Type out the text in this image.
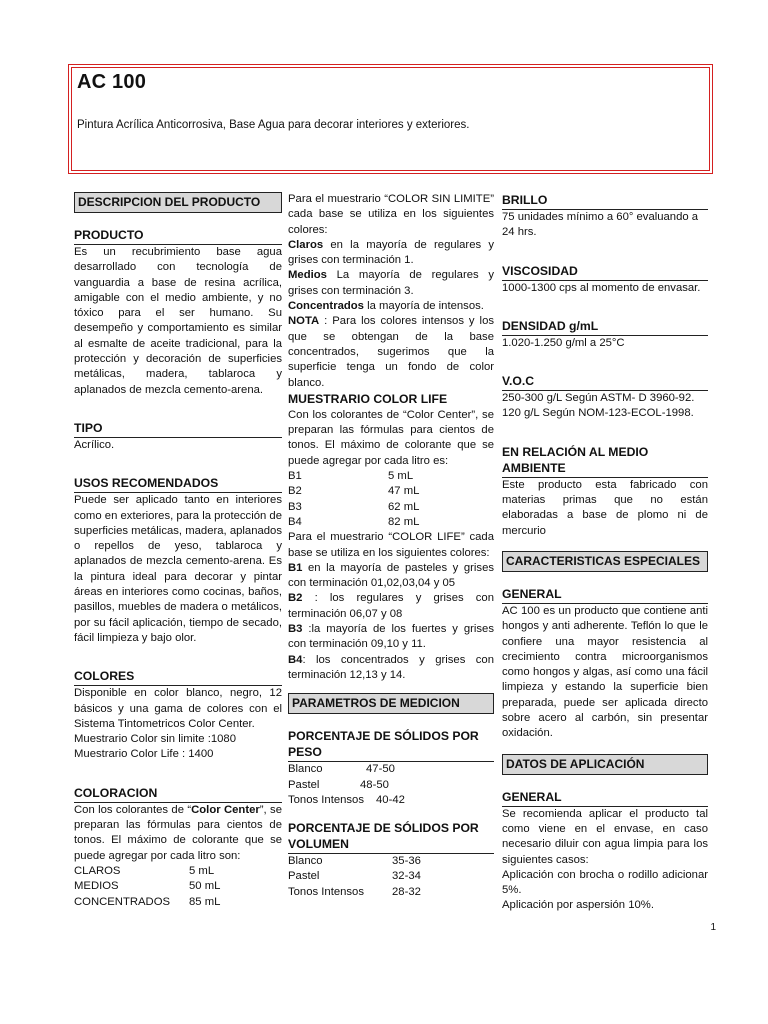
AC 100

Pintura Acrílica Anticorrosiva, Base Agua para decorar interiores y exteriores.

DESCRIPCION DEL PRODUCTO
PRODUCTO

Es un recubrimiento base agua desarrollado con tecnología de vanguardia a base de resina acrílica, amigable con el medio ambiente, y no tóxico para el ser humano. Su desempeño y comportamiento es similar al esmalte de aceite tradicional, para la protección y decoración de superficies metálicas, madera, tablaroca y aplanados de mezcla cemento-arena.

TIPO

Acrílico.

USOS RECOMENDADOS

Puede ser aplicado tanto en interiores como en exteriores, para la protección de superficies metálicas, madera, aplanados o repellos de yeso, tablaroca y aplanados de mezcla cemento-arena. Es la pintura ideal para decorar y pintar áreas en interiores como cocinas, baños, pasillos, muebles de madera o metálicos, por su fácil aplicación, tiempo de secado, fácil limpieza y bajo olor.

COLORES

Disponible en color blanco, negro, 12 básicos y una gama de colores con el Sistema Tintometricos Color Center.

Muestrario Color sin limite :1080

Muestrario Color Life : 1400

COLORACION

Con los colorantes de “Color Center”, se preparan las fórmulas para cientos de tonos. El máximo de colorante que se puede agregar por cada litro son:

CLAROS	5 mL
MEDIOS	50 mL
CONCENTRADOS	85 mL

Para el muestrario “COLOR SIN LIMITE” cada base se utiliza en los siguientes colores:

Claros en la mayoría de regulares y grises con terminación 1.

Medios La mayoría de regulares y grises con terminación 3.

Concentrados la mayoría de intensos.

NOTA : Para los colores intensos y los que se obtengan de la base concentrados, sugerimos que la superficie tenga un fondo de color blanco.

MUESTRARIO COLOR LIFE

Con los colorantes de “Color Center”, se preparan las fórmulas para cientos de tonos. El máximo de colorante que se puede agregar por cada litro es:

B1	5 mL
B2	47 mL
B3	62 mL
B4	82 mL

Para el muestrario “COLOR LIFE” cada base se utiliza en los siguientes colores:

B1 en la mayoría de pasteles y grises con terminación 01,02,03,04 y 05

B2 : los regulares y grises con terminación 06,07 y 08

B3 :la mayoría de los fuertes y grises con terminación 09,10 y 11.

B4: los concentrados y grises con terminación 12,13 y 14.

PARAMETROS DE MEDICION
PORCENTAJE DE SÓLIDOS POR PESO
Blanco	47-50
Pastel	48-50
Tonos Intensos	40-42
PORCENTAJE DE SÓLIDOS POR VOLUMEN
Blanco	35-36
Pastel	32-34
Tonos Intensos	28-32
BRILLO

75 unidades mínimo a 60° evaluando a 24 hrs.

VISCOSIDAD

1000-1300 cps al momento de envasar.

DENSIDAD g/mL

1.020-1.250 g/ml a 25°C

V.O.C

250-300 g/L Según ASTM- D 3960-92.

120 g/L Según NOM-123-ECOL-1998.

EN RELACIÓN AL MEDIO AMBIENTE

Este producto esta fabricado con materias primas que no están elaboradas a base de plomo ni de mercurio

CARACTERISTICAS ESPECIALES
GENERAL

AC 100 es un producto que contiene anti hongos y anti adherente. Teflón lo que le confiere una mayor resistencia al crecimiento contra microorganismos como hongos y algas, así como una fácil limpieza y estando la superficie bien preparada, puede ser aplicada directo sobre acero al carbón, sin presentar oxidación.

DATOS DE APLICACIÓN
GENERAL

Se recomienda aplicar el producto tal como viene en el envase, en caso necesario diluir con agua limpia para los siguientes casos:

Aplicación con brocha o rodillo adicionar 5%.

Aplicación por aspersión 10%.

1
